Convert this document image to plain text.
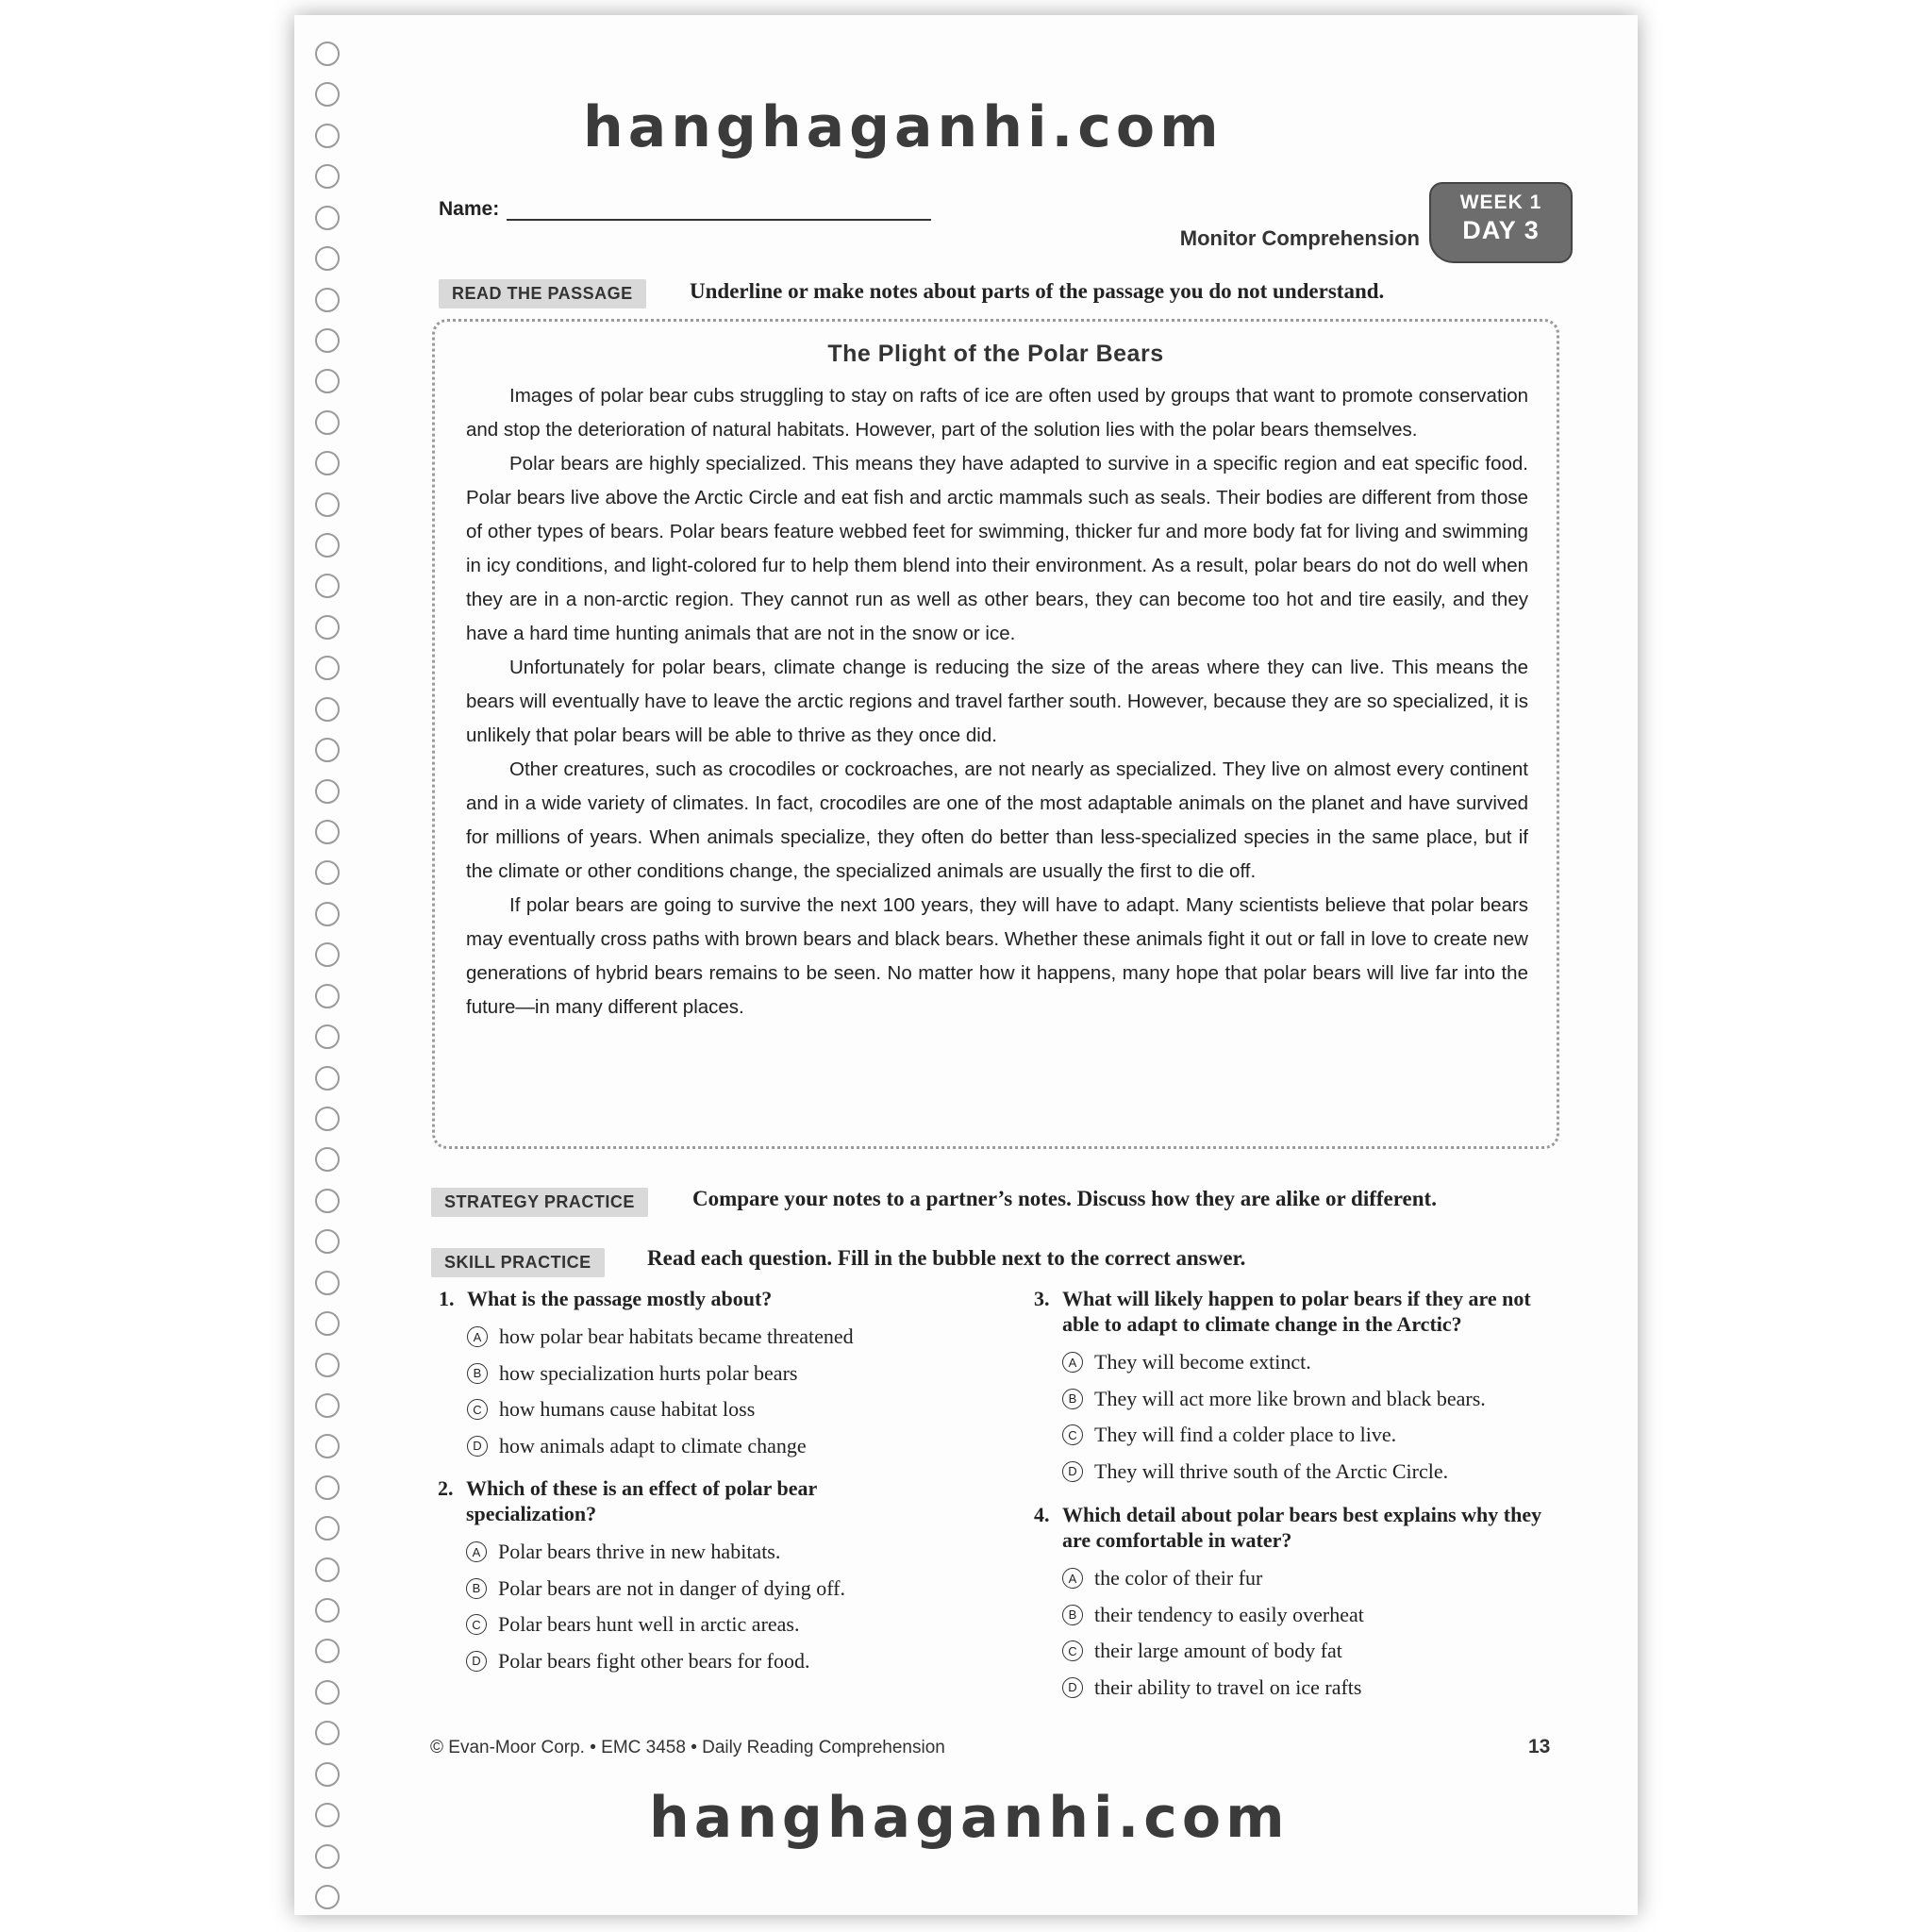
hanghaganhi.com
Name:
Monitor Comprehension
WEEK 1
DAY 3
READ THE PASSAGE	Underline or make notes about parts of the passage you do not understand.
The Plight of the Polar Bears

Images of polar bear cubs struggling to stay on rafts of ice are often used by groups that want to promote conservation and stop the deterioration of natural habitats. However, part of the solution lies with the polar bears themselves.

Polar bears are highly specialized. This means they have adapted to survive in a specific region and eat specific food. Polar bears live above the Arctic Circle and eat fish and arctic mammals such as seals. Their bodies are different from those of other types of bears. Polar bears feature webbed feet for swimming, thicker fur and more body fat for living and swimming in icy conditions, and light-colored fur to help them blend into their environment. As a result, polar bears do not do well when they are in a non-arctic region. They cannot run as well as other bears, they can become too hot and tire easily, and they have a hard time hunting animals that are not in the snow or ice.

Unfortunately for polar bears, climate change is reducing the size of the areas where they can live. This means the bears will eventually have to leave the arctic regions and travel farther south. However, because they are so specialized, it is unlikely that polar bears will be able to thrive as they once did.

Other creatures, such as crocodiles or cockroaches, are not nearly as specialized. They live on almost every continent and in a wide variety of climates. In fact, crocodiles are one of the most adaptable animals on the planet and have survived for millions of years. When animals specialize, they often do better than less-specialized species in the same place, but if the climate or other conditions change, the specialized animals are usually the first to die off.

If polar bears are going to survive the next 100 years, they will have to adapt. Many scientists believe that polar bears may eventually cross paths with brown bears and black bears. Whether these animals fight it out or fall in love to create new generations of hybrid bears remains to be seen. No matter how it happens, many hope that polar bears will live far into the future—in many different places.

STRATEGY PRACTICE	Compare your notes to a partner’s notes. Discuss how they are alike or different.
SKILL PRACTICE	Read each question. Fill in the bubble next to the correct answer.
1. What is the passage mostly about?
A how polar bear habitats became threatened
B how specialization hurts polar bears
C how humans cause habitat loss
D how animals adapt to climate change
2. Which of these is an effect of polar bear specialization?
A Polar bears thrive in new habitats.
B Polar bears are not in danger of dying off.
C Polar bears hunt well in arctic areas.
D Polar bears fight other bears for food.
3. What will likely happen to polar bears if they are not able to adapt to climate change in the Arctic?
A They will become extinct.
B They will act more like brown and black bears.
C They will find a colder place to live.
D They will thrive south of the Arctic Circle.
4. Which detail about polar bears best explains why they are comfortable in water?
A the color of their fur
B their tendency to easily overheat
C their large amount of body fat
D their ability to travel on ice rafts
© Evan-Moor Corp. • EMC 3458 • Daily Reading Comprehension	13
hanghaganhi.com
